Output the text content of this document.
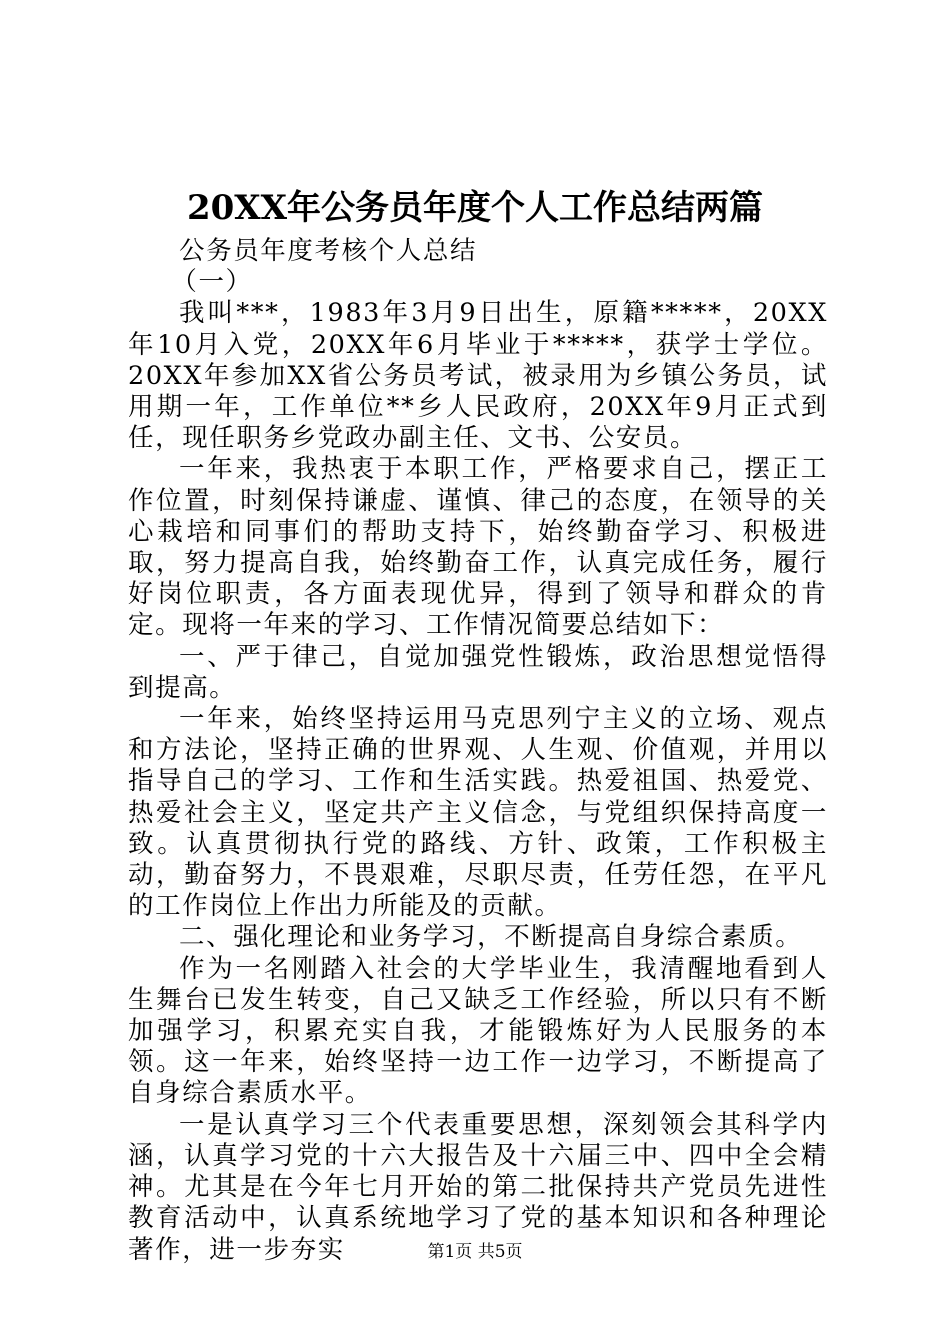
20XX年公务员年度个人工作总结两篇

公务员年度考核个人总结

（一）

我叫***，1983年3月9日出生，原籍*****，20XX年10月入党，20XX年6月毕业于*****，获学士学位。20XX年参加XX省公务员考试，被录用为乡镇公务员，试用期一年，工作单位**乡人民政府，20XX年9月正式到任，现任职务乡党政办副主任、文书、公安员。

一年来，我热衷于本职工作，严格要求自己，摆正工作位置，时刻保持谦虚、谨慎、律己的态度，在领导的关心栽培和同事们的帮助支持下，始终勤奋学习、积极进取，努力提高自我，始终勤奋工作，认真完成任务，履行好岗位职责，各方面表现优异，得到了领导和群众的肯定。现将一年来的学习、工作情况简要总结如下：

一、严于律己，自觉加强党性锻炼，政治思想觉悟得到提高。

一年来，始终坚持运用马克思列宁主义的立场、观点和方法论，坚持正确的世界观、人生观、价值观，并用以指导自己的学习、工作和生活实践。热爱祖国、热爱党、热爱社会主义，坚定共产主义信念，与党组织保持高度一致。认真贯彻执行党的路线、方针、政策，工作积极主动，勤奋努力，不畏艰难，尽职尽责，任劳任怨，在平凡的工作岗位上作出力所能及的贡献。

二、强化理论和业务学习，不断提高自身综合素质。

作为一名刚踏入社会的大学毕业生，我清醒地看到人生舞台已发生转变，自己又缺乏工作经验，所以只有不断加强学习，积累充实自我，才能锻炼好为人民服务的本领。这一年来，始终坚持一边工作一边学习，不断提高了自身综合素质水平。

一是认真学习三个代表重要思想，深刻领会其科学内涵，认真学习党的十六大报告及十六届三中、四中全会精神。尤其是在今年七月开始的第二批保持共产党员先进性教育活动中，认真系统地学习了党的基本知识和各种理论著作，进一步夯实	第1页 共5页
